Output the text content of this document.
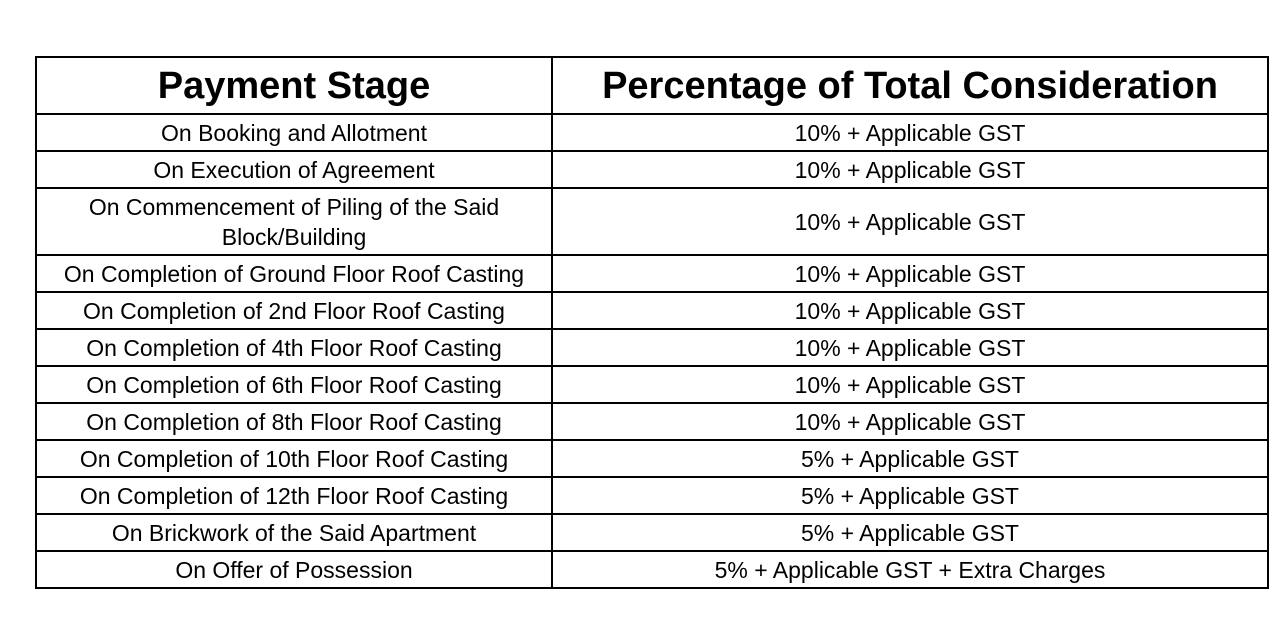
Payment Stage	Percentage of Total Consideration
On Booking and Allotment	10% + Applicable GST
On Execution of Agreement	10% + Applicable GST
On Commencement of Piling of the Said Block/Building	10% + Applicable GST
On Completion of Ground Floor Roof Casting	10% + Applicable GST
On Completion of 2nd Floor Roof Casting	10% + Applicable GST
On Completion of 4th Floor Roof Casting	10% + Applicable GST
On Completion of 6th Floor Roof Casting	10% + Applicable GST
On Completion of 8th Floor Roof Casting	10% + Applicable GST
On Completion of 10th Floor Roof Casting	5% + Applicable GST
On Completion of 12th Floor Roof Casting	5% + Applicable GST
On Brickwork of the Said Apartment	5% + Applicable GST
On Offer of Possession	5% + Applicable GST + Extra Charges
